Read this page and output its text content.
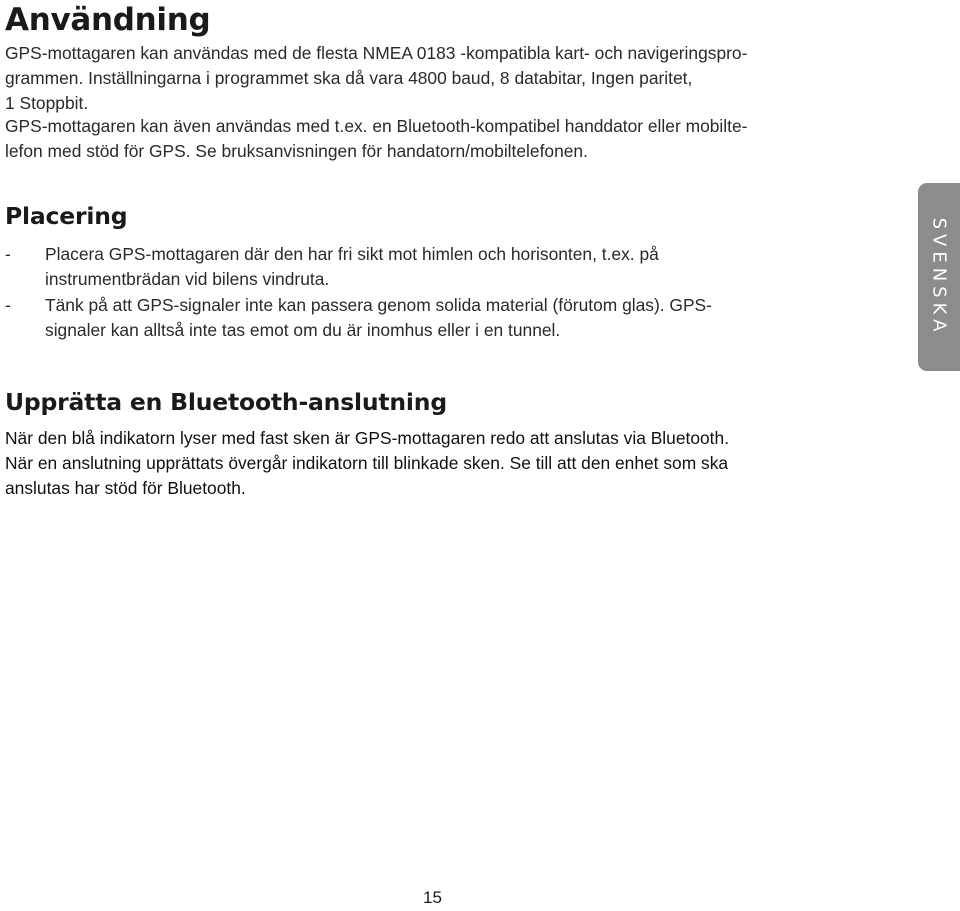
Användning

GPS-mottagaren kan användas med de flesta NMEA 0183 -kompatibla kart- och navigeringspro-
grammen. Inställningarna i programmet ska då vara 4800 baud, 8 databitar, Ingen paritet,
1 Stoppbit.

GPS-mottagaren kan även användas med t.ex. en Bluetooth-kompatibel handdator eller mobilte-
lefon med stöd för GPS. Se bruksanvisningen för handatorn/mobiltelefonen.

Placering
- Placera GPS-mottagaren där den har fri sikt mot himlen och horisonten, t.ex. på
instrumentbrädan vid bilens vindruta.
- Tänk på att GPS-signaler inte kan passera genom solida material (förutom glas). GPS-
signaler kan alltså inte tas emot om du är inomhus eller i en tunnel.
Upprätta en Bluetooth-anslutning

När den blå indikatorn lyser med fast sken är GPS-mottagaren redo att anslutas via Bluetooth.
När en anslutning upprättats övergår indikatorn till blinkade sken. Se till att den enhet som ska
anslutas har stöd för Bluetooth.

SVENSKA
15
